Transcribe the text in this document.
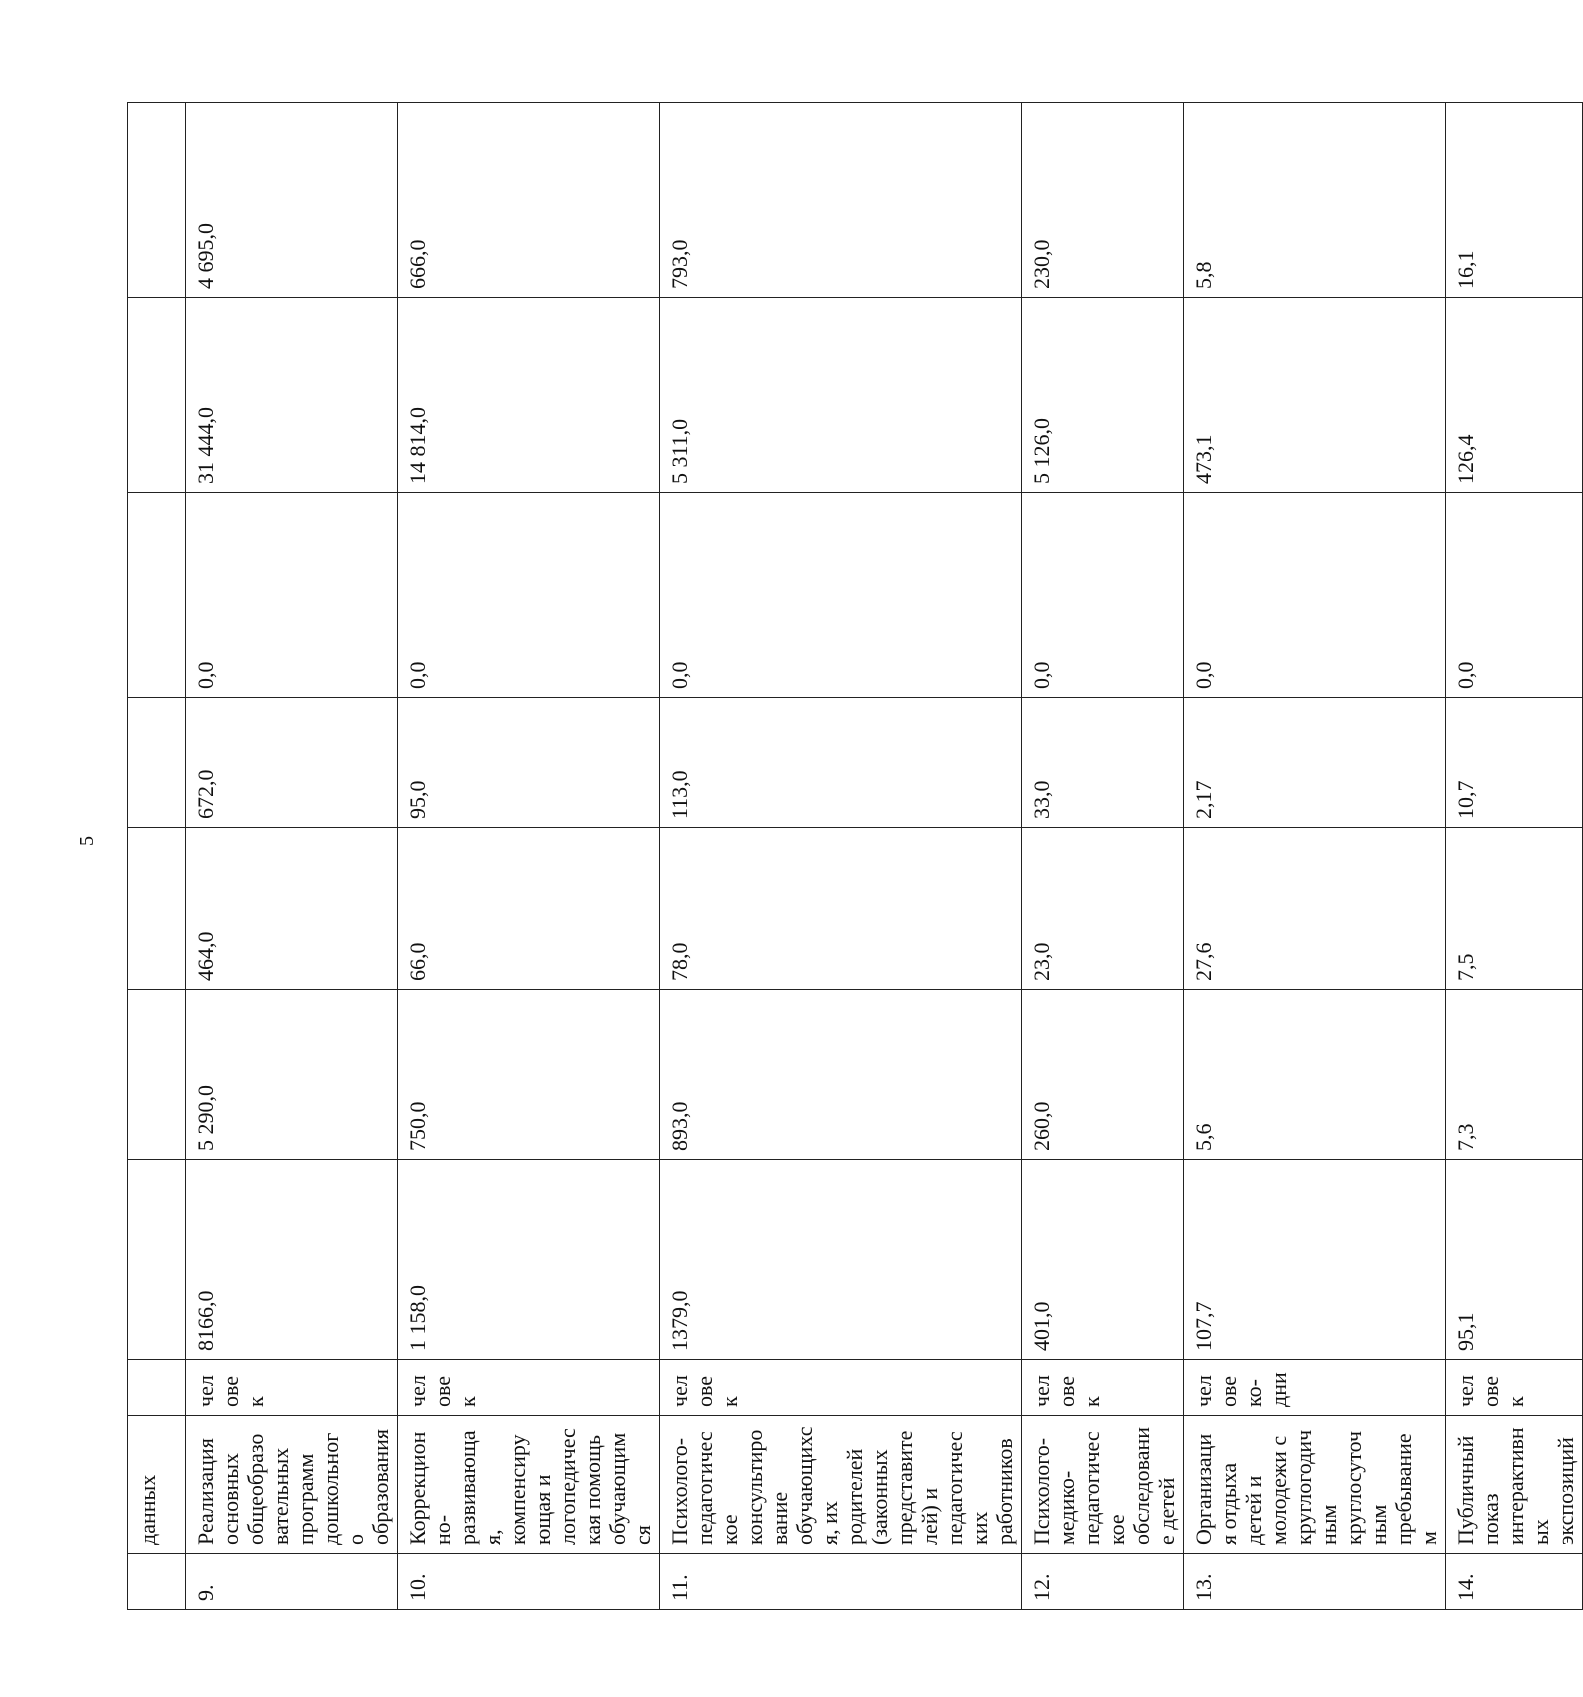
5
	данных								
9.	Реализация основных общеобразовательных программ дошкольного образования	человек	8166,0	5 290,0	464,0	672,0	0,0	31 444,0	4 695,0
10.	Коррекционно-развивающая, компенсирующая и логопедическая помощь обучающимся	человек	1 158,0	750,0	66,0	95,0	0,0	14 814,0	666,0
11.	Психолого-педагогическое консультирование обучающихся, их родителей (законных представителей) и педагогических работников	человек	1379,0	893,0	78,0	113,0	0,0	5 311,0	793,0
12.	Психолого-медико-педагогическое обследование детей	человек	401,0	260,0	23,0	33,0	0,0	5 126,0	230,0
13.	Организация отдыха детей и молодежи с круглогодичным круглосуточным пребыванием	человеко-дни	107,7	5,6	27,6	2,17	0,0	473,1	5,8
14.	Публичный показ интерактивных экспозиций	человек	95,1	7,3	7,5	10,7	0,0	126,4	16,1
